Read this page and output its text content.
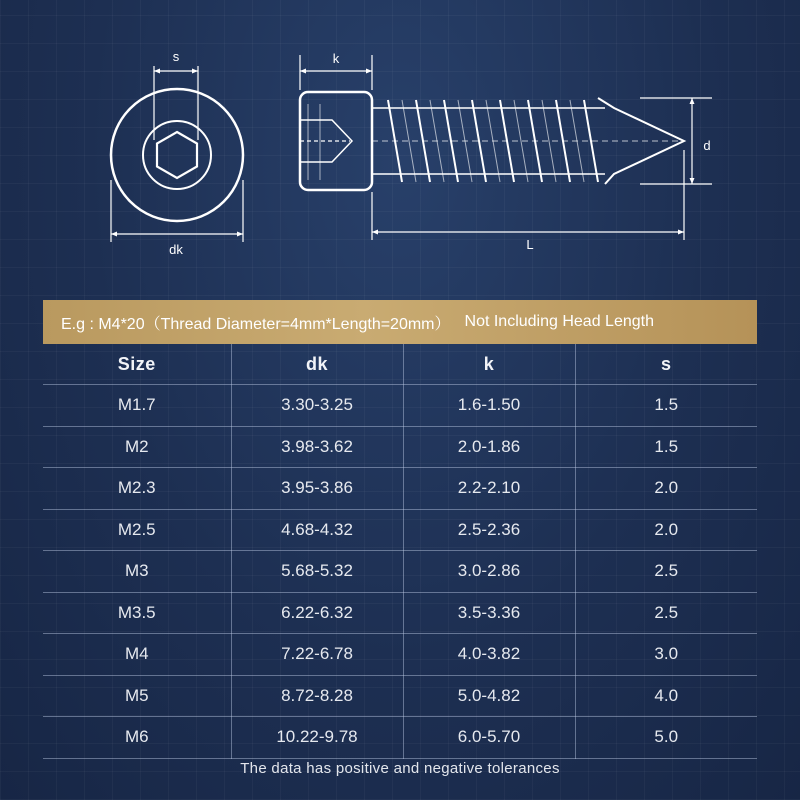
s
dk
k
d
L
E.g : M4*20（Thread Diameter=4mm*Length=20mm） Not Including Head Length
Size	dk	k	s
M1.7	3.30-3.25	1.6-1.50	1.5
M2	3.98-3.62	2.0-1.86	1.5
M2.3	3.95-3.86	2.2-2.10	2.0
M2.5	4.68-4.32	2.5-2.36	2.0
M3	5.68-5.32	3.0-2.86	2.5
M3.5	6.22-6.32	3.5-3.36	2.5
M4	7.22-6.78	4.0-3.82	3.0
M5	8.72-8.28	5.0-4.82	4.0
M6	10.22-9.78	6.0-5.70	5.0
The data has positive and negative tolerances
